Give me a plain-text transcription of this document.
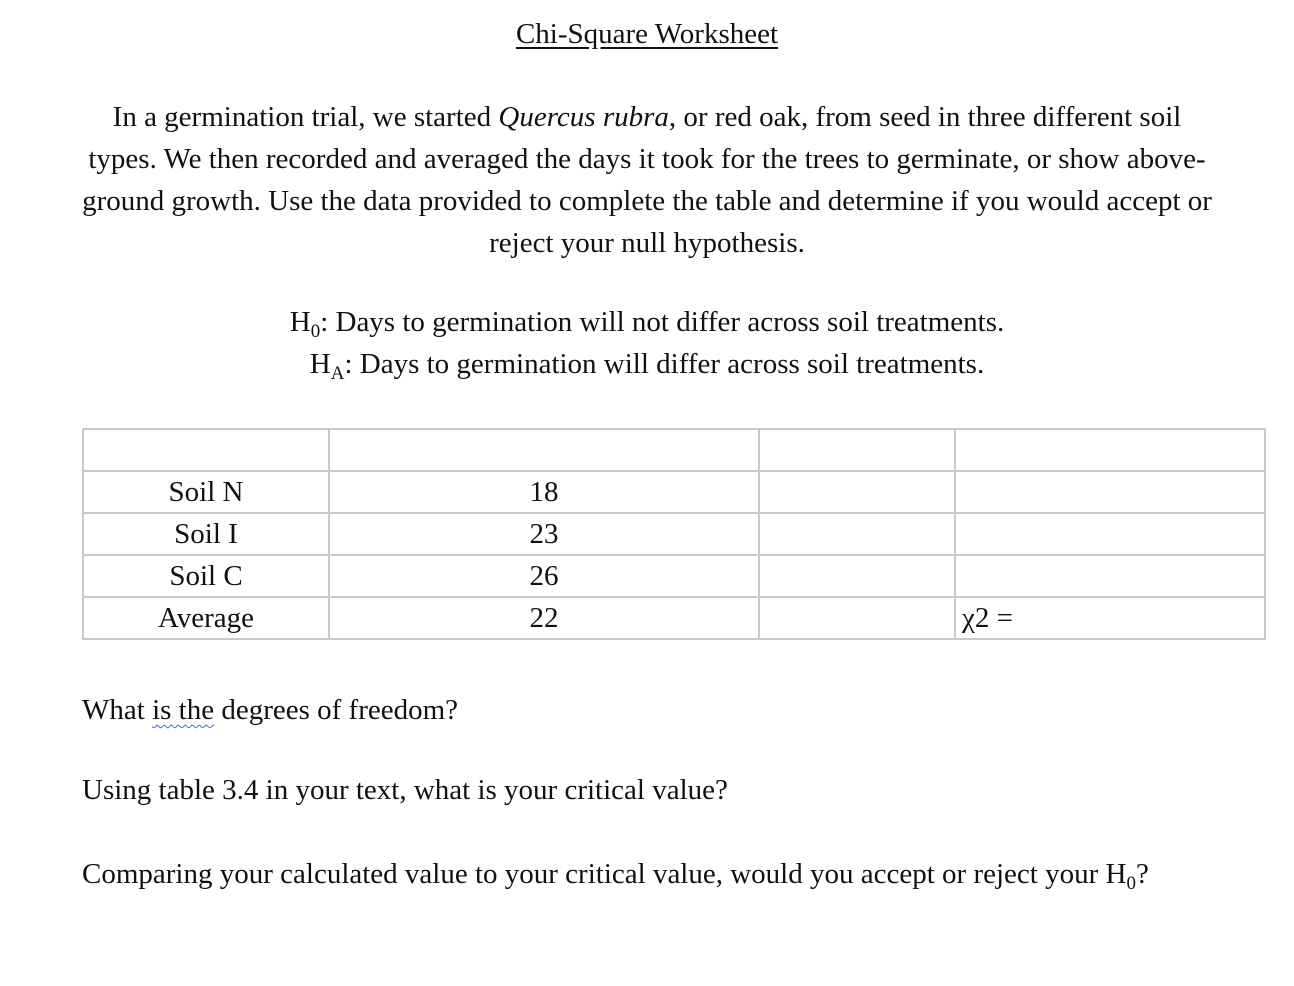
Chi-Square Worksheet
In a germination trial, we started Quercus rubra, or red oak, from seed in three different soil types. We then recorded and averaged the days it took for the trees to germinate, or show above-ground growth. Use the data provided to complete the table and determine if you would accept or reject your null hypothesis.
$H_0$: Days to germination will not differ across soil treatments.
$H_A$: Days to germination will differ across soil treatments.

Soil N	18		
Soil I	23		
Soil C	26		
Average	22		χ2 =
What is the degrees of freedom?
Using table 3.4 in your text, what is your critical value?
Comparing your calculated value to your critical value, would you accept or reject your $H_0$?
